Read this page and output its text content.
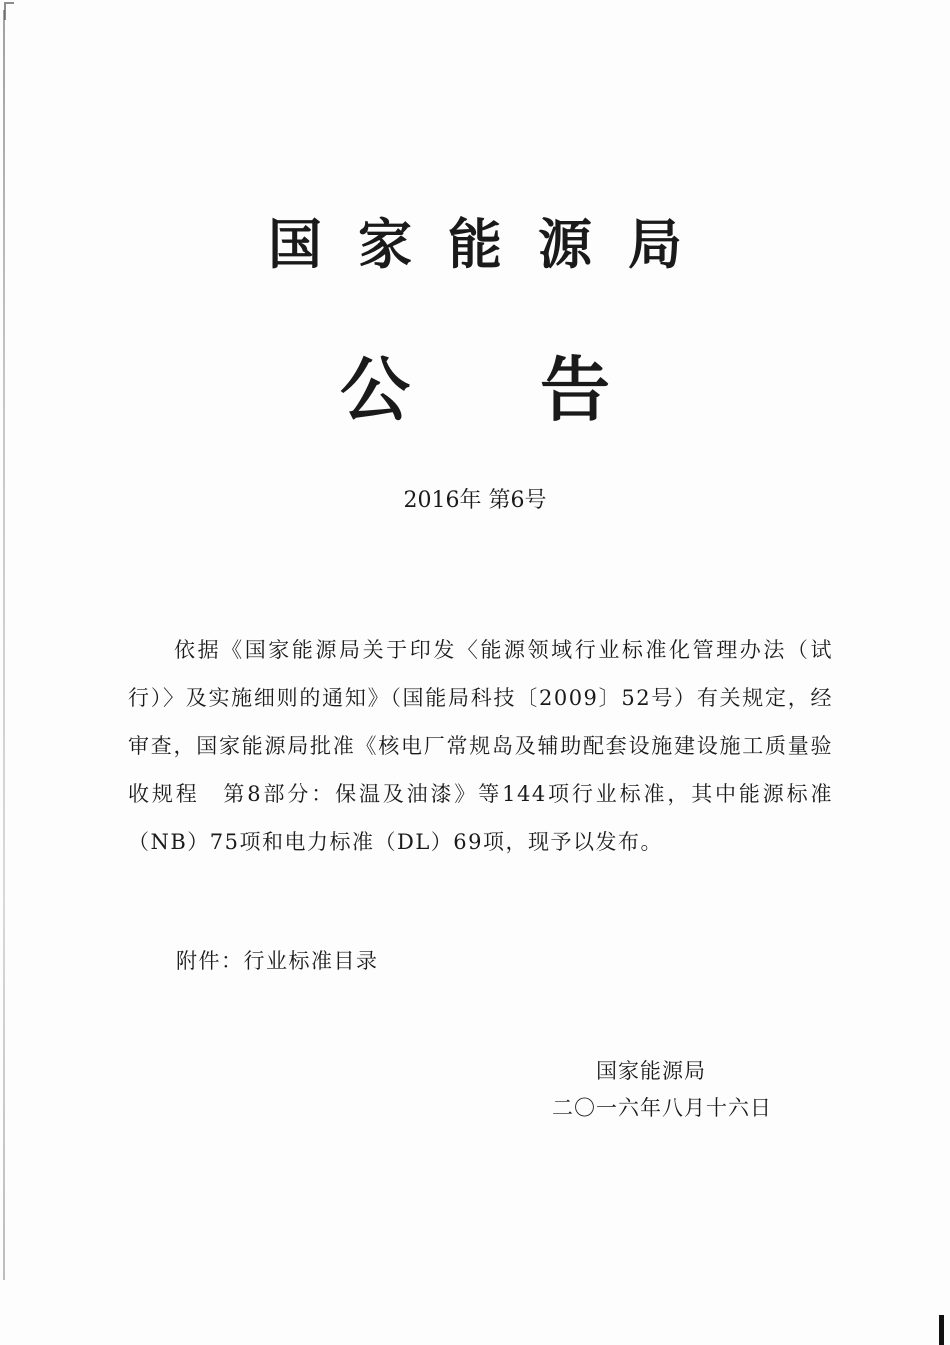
国家能源局
公告
2016年 第6号

依据《国家能源局关于印发〈能源领域行业标准化管理办法（试行）〉及实施细则的通知》（国能局科技〔2009〕52号）有关规定，经审查，国家能源局批准《核电厂常规岛及辅助配套设施建设施工质量验收规程　第8部分：保温及油漆》等144项行业标准，其中能源标准（NB）75项和电力标准（DL）69项，现予以发布。

附件：行业标准目录
国家能源局
二〇一六年八月十六日
